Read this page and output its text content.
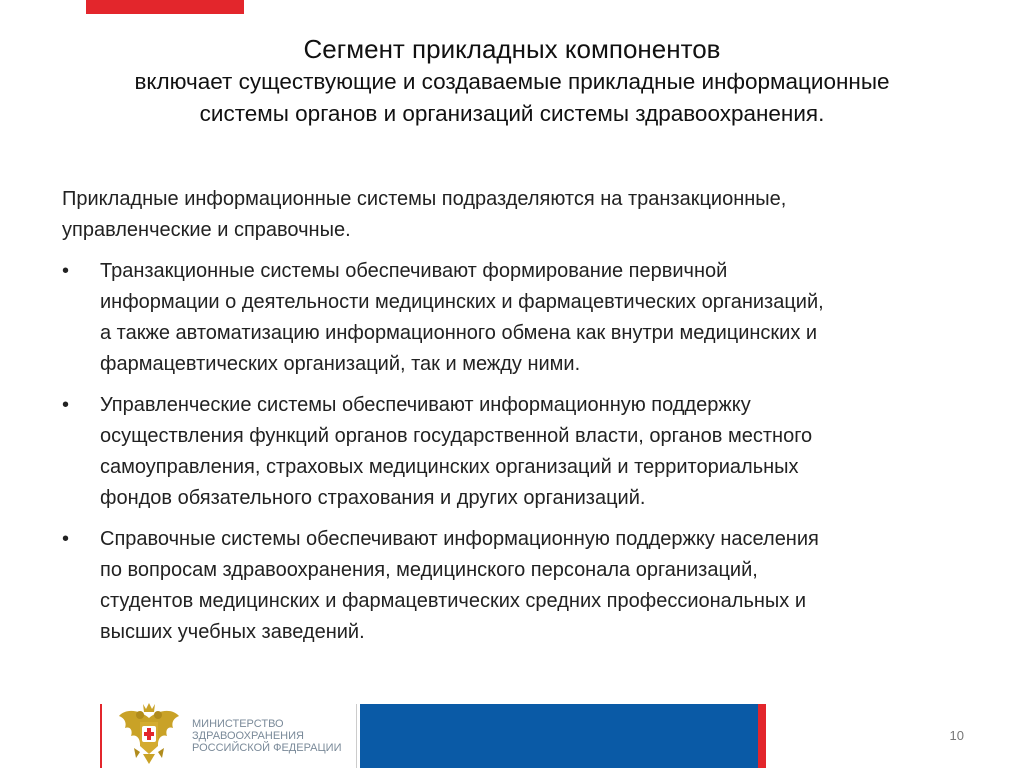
Сегмент прикладных компонентов

включает существующие и создаваемые прикладные информационные

системы органов и организаций системы здравоохранения.

Прикладные информационные системы подразделяются на транзакционные,
управленческие и справочные.

• Транзакционные системы обеспечивают формирование первичной
информации о деятельности медицинских и фармацевтических организаций,
а также автоматизацию информационного обмена как внутри медицинских и
фармацевтических организаций, так и между ними.
• Управленческие системы обеспечивают информационную поддержку
осуществления функций органов государственной власти, органов местного
самоуправления, страховых медицинских организаций и территориальных
фондов обязательного страхования и других организаций.
• Справочные системы обеспечивают информационную поддержку населения
по вопросам здравоохранения, медицинского персонала организаций,
студентов медицинских и фармацевтических средних профессиональных и
высших учебных заведений.
МИНИСТЕРСТВО
ЗДРАВООХРАНЕНИЯ
РОССИЙСКОЙ ФЕДЕРАЦИИ
10
